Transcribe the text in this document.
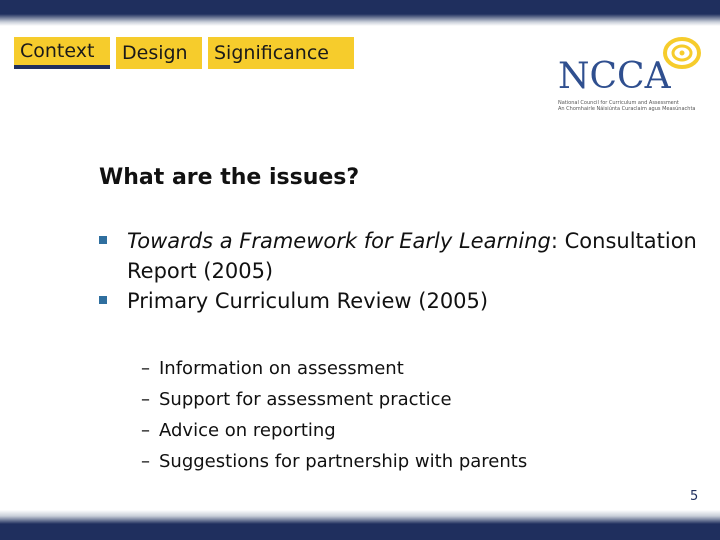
Context Design Significance
NCCA
National Council for Curriculum and Assessment
An Chomhairle Náisiúnta Curaclaim agus Measúnachta
What are the issues?
Towards a Framework for Early Learning: Consultation Report (2005)
Primary Curriculum Review (2005)
– Information on assessment
– Support for assessment practice
– Advice on reporting
– Suggestions for partnership with parents
5
